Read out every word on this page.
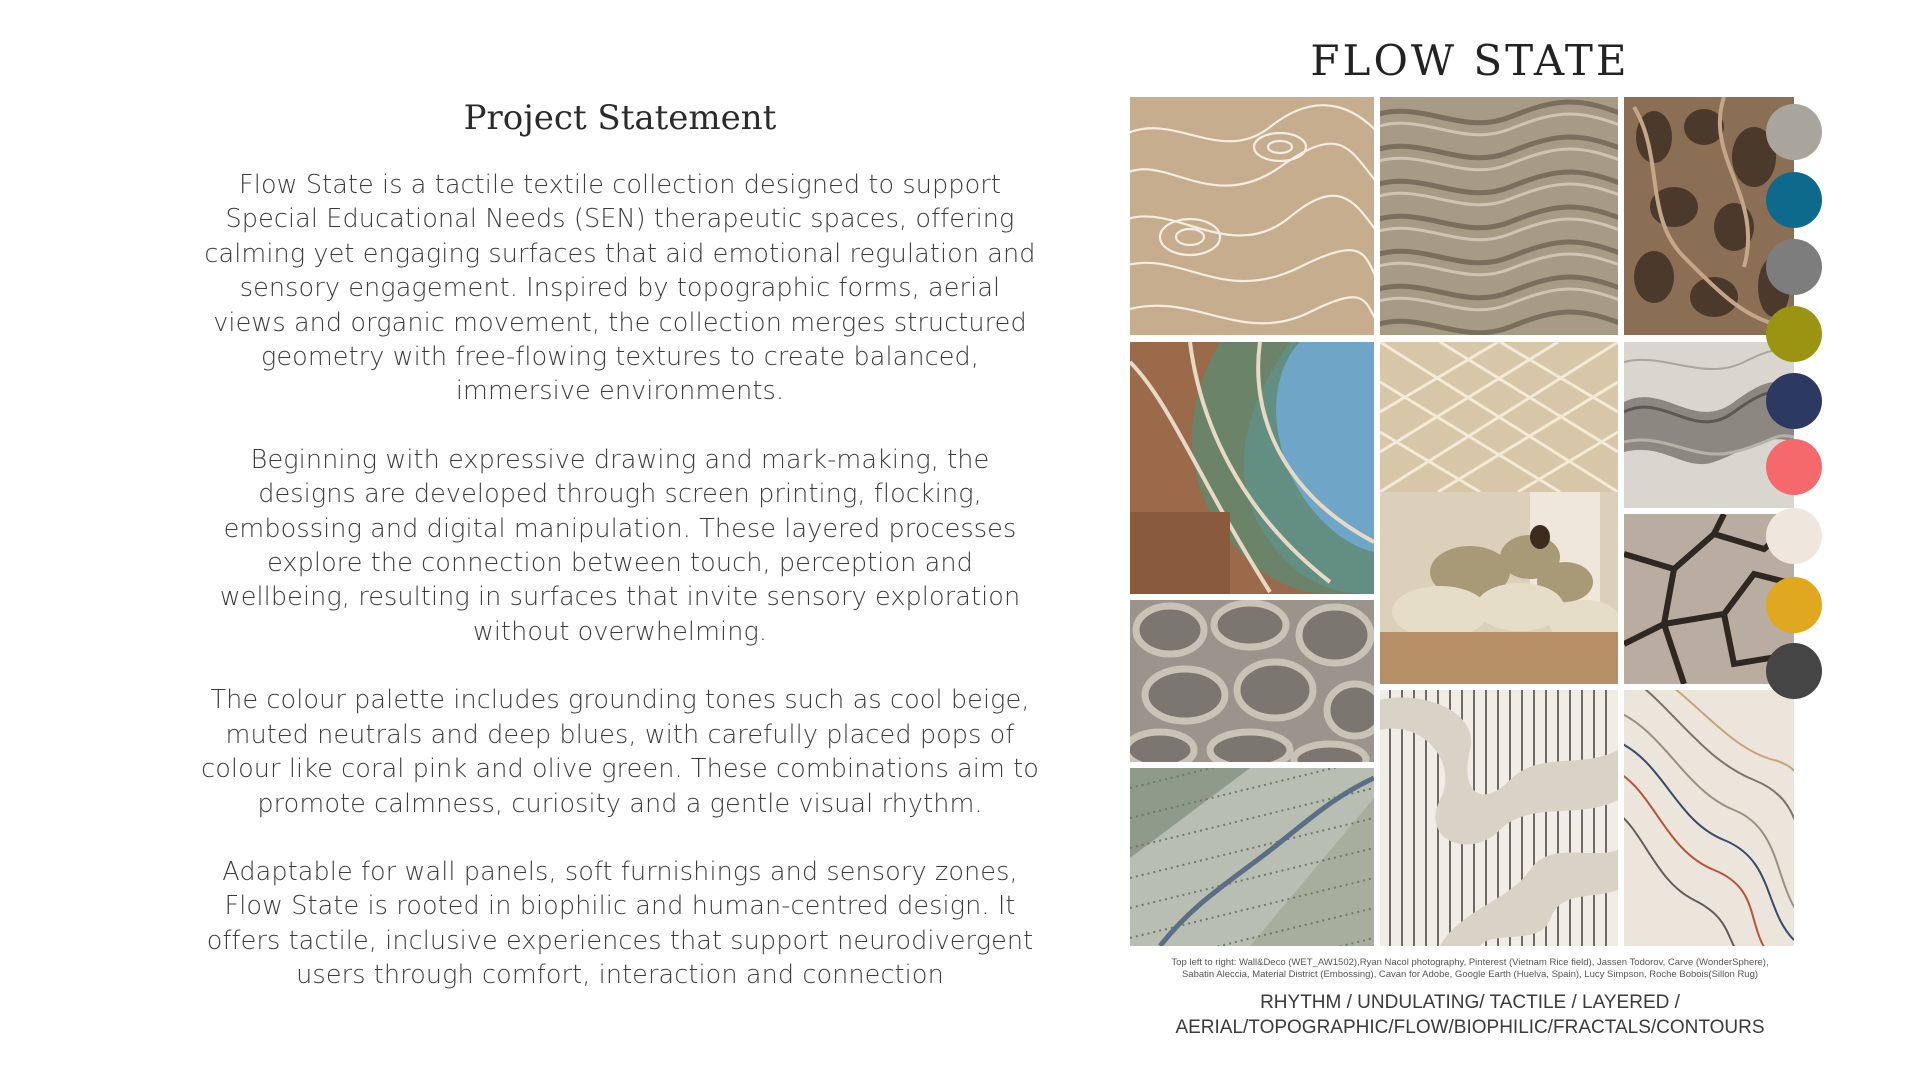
Project Statement

Flow State is a tactile textile collection designed to support Special Educational Needs (SEN) therapeutic spaces, offering calming yet engaging surfaces that aid emotional regulation and sensory engagement. Inspired by topographic forms, aerial views and organic movement, the collection merges structured geometry with free-flowing textures to create balanced, immersive environments.

Beginning with expressive drawing and mark-making, the designs are developed through screen printing, flocking, embossing and digital manipulation. These layered processes explore the connection between touch, perception and wellbeing, resulting in surfaces that invite sensory exploration without overwhelming.

The colour palette includes grounding tones such as cool beige, muted neutrals and deep blues, with carefully placed pops of colour like coral pink and olive green. These combinations aim to promote calmness, curiosity and a gentle visual rhythm.

Adaptable for wall panels, soft furnishings and sensory zones, Flow State is rooted in biophilic and human-centred design. It offers tactile, inclusive experiences that support neurodivergent users through comfort, interaction and connection

FLOW STATE
Top left to right: Wall&Deco (WET_AW1502),Ryan Nacol photography, Pinterest (Vietnam Rice field), Jassen Todorov, Carve (WonderSphere),
Sabatin Aleccia, Material District (Embossing), Cavan for Adobe, Google Earth (Huelva, Spain), Lucy Simpson, Roche Bobois(Sillon Rug)
RHYTHM / UNDULATING/ TACTILE / LAYERED /
AERIAL/TOPOGRAPHIC/FLOW/BIOPHILIC/FRACTALS/CONTOURS
